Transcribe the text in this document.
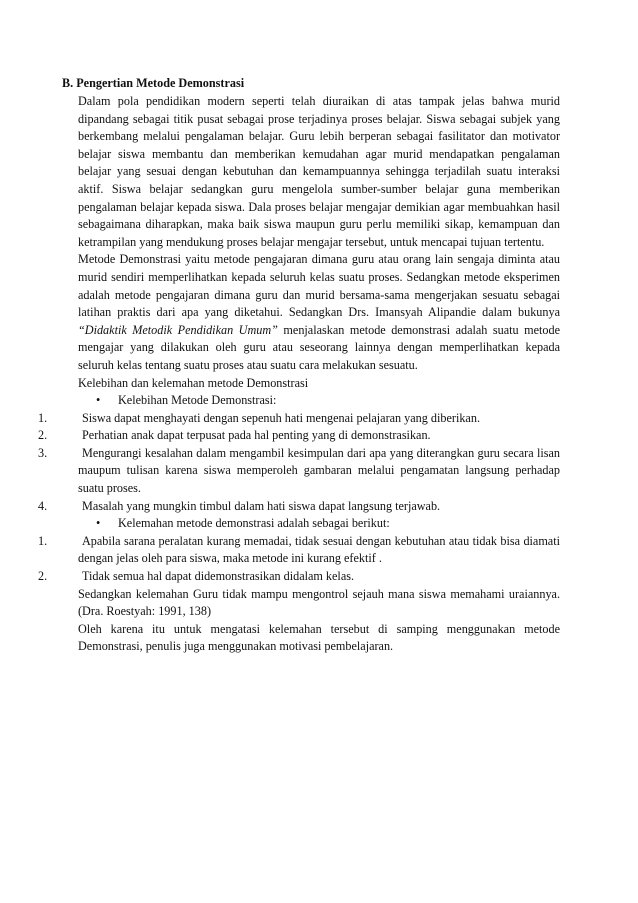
B. Pengertian Metode Demonstrasi

Dalam pola pendidikan modern seperti telah diuraikan di atas tampak jelas bahwa murid dipandang sebagai titik pusat sebagai prose terjadinya proses belajar. Siswa sebagai subjek yang berkembang melalui pengalaman belajar. Guru lebih berperan sebagai fasilitator dan motivator belajar siswa membantu dan memberikan kemudahan agar murid mendapatkan pengalaman belajar yang sesuai dengan kebutuhan dan kemampuannya sehingga terjadilah suatu interaksi aktif. Siswa belajar sedangkan guru mengelola sumber-sumber belajar guna memberikan pengalaman belajar kepada siswa. Dala proses belajar mengajar demikian agar membuahkan hasil sebagaimana diharapkan, maka baik siswa maupun guru perlu memiliki sikap, kemampuan dan ketrampilan yang mendukung proses belajar mengajar tersebut, untuk mencapai tujuan tertentu.

Metode Demonstrasi yaitu metode pengajaran dimana guru atau orang lain sengaja diminta atau murid sendiri memperlihatkan kepada seluruh kelas suatu proses. Sedangkan metode eksperimen adalah metode pengajaran dimana guru dan murid bersama-sama mengerjakan sesuatu sebagai latihan praktis dari apa yang diketahui. Sedangkan Drs. Imansyah Alipandie dalam bukunya “Didaktik Metodik Pendidikan Umum” menjalaskan metode demonstrasi adalah suatu metode mengajar yang dilakukan oleh guru atau seseorang lainnya dengan memperlihatkan kepada seluruh kelas tentang suatu proses atau suatu cara melakukan sesuatu.

Kelebihan dan kelemahan metode Demonstrasi

• Kelebihan Metode Demonstrasi:

1.	Siswa dapat menghayati dengan sepenuh hati mengenai pelajaran yang diberikan.
2.	Perhatian anak dapat terpusat pada hal penting yang di demonstrasikan.
3.	Mengurangi kesalahan dalam mengambil kesimpulan dari apa yang diterangkan guru secara lisan maupum tulisan karena siswa memperoleh gambaran melalui pengamatan langsung perhadap suatu proses.
4.	Masalah yang mungkin timbul dalam hati siswa dapat langsung terjawab.

• Kelemahan metode demonstrasi adalah sebagai berikut:

1.	Apabila sarana peralatan kurang memadai, tidak sesuai dengan kebutuhan atau tidak bisa diamati dengan jelas oleh para siswa, maka metode ini kurang efektif .
2.	Tidak semua hal dapat didemonstrasikan didalam kelas.

Sedangkan kelemahan Guru tidak mampu mengontrol sejauh mana siswa memahami uraiannya. (Dra. Roestyah: 1991, 138)

Oleh karena itu untuk mengatasi kelemahan tersebut di samping menggunakan metode Demonstrasi, penulis juga menggunakan motivasi pembelajaran.
